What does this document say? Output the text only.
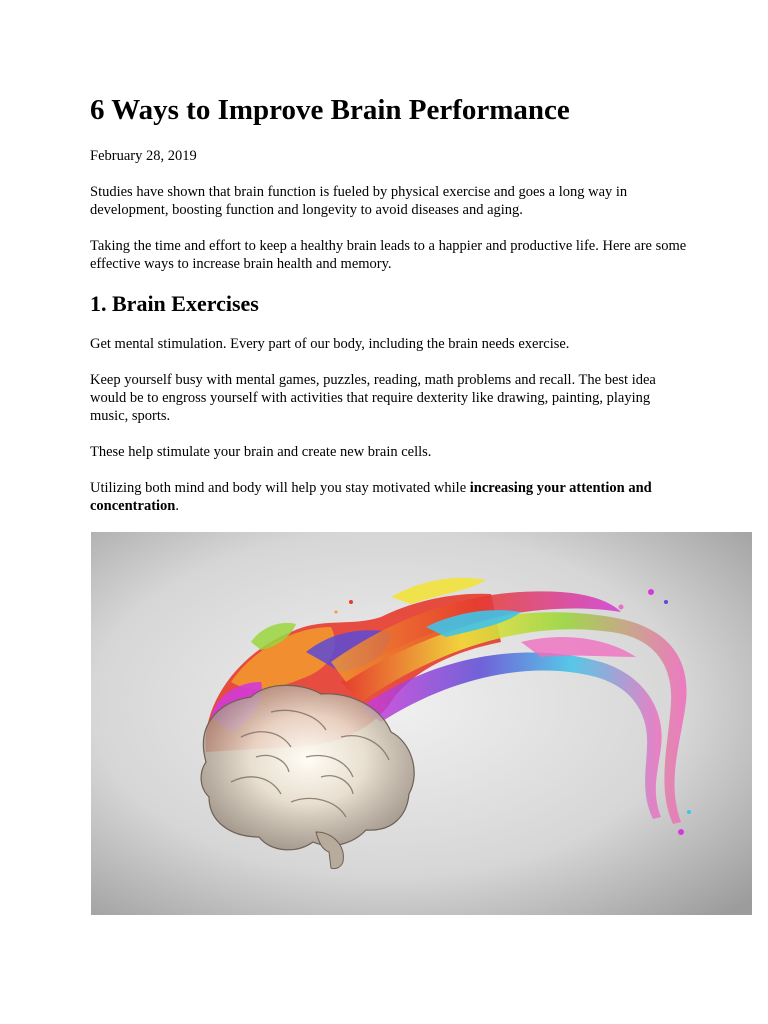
6 Ways to Improve Brain Performance

February 28, 2019

Studies have shown that brain function is fueled by physical exercise and goes a long way in development, boosting function and longevity to avoid diseases and aging.

Taking the time and effort to keep a healthy brain leads to a happier and productive life. Here are some effective ways to increase brain health and memory.

1. Brain Exercises

Get mental stimulation. Every part of our body, including the brain needs exercise.

Keep yourself busy with mental games, puzzles, reading, math problems and recall. The best idea would be to engross yourself with activities that require dexterity like drawing, painting, playing music, sports.

These help stimulate your brain and create new brain cells.

Utilizing both mind and body will help you stay motivated while increasing your attention and concentration.
